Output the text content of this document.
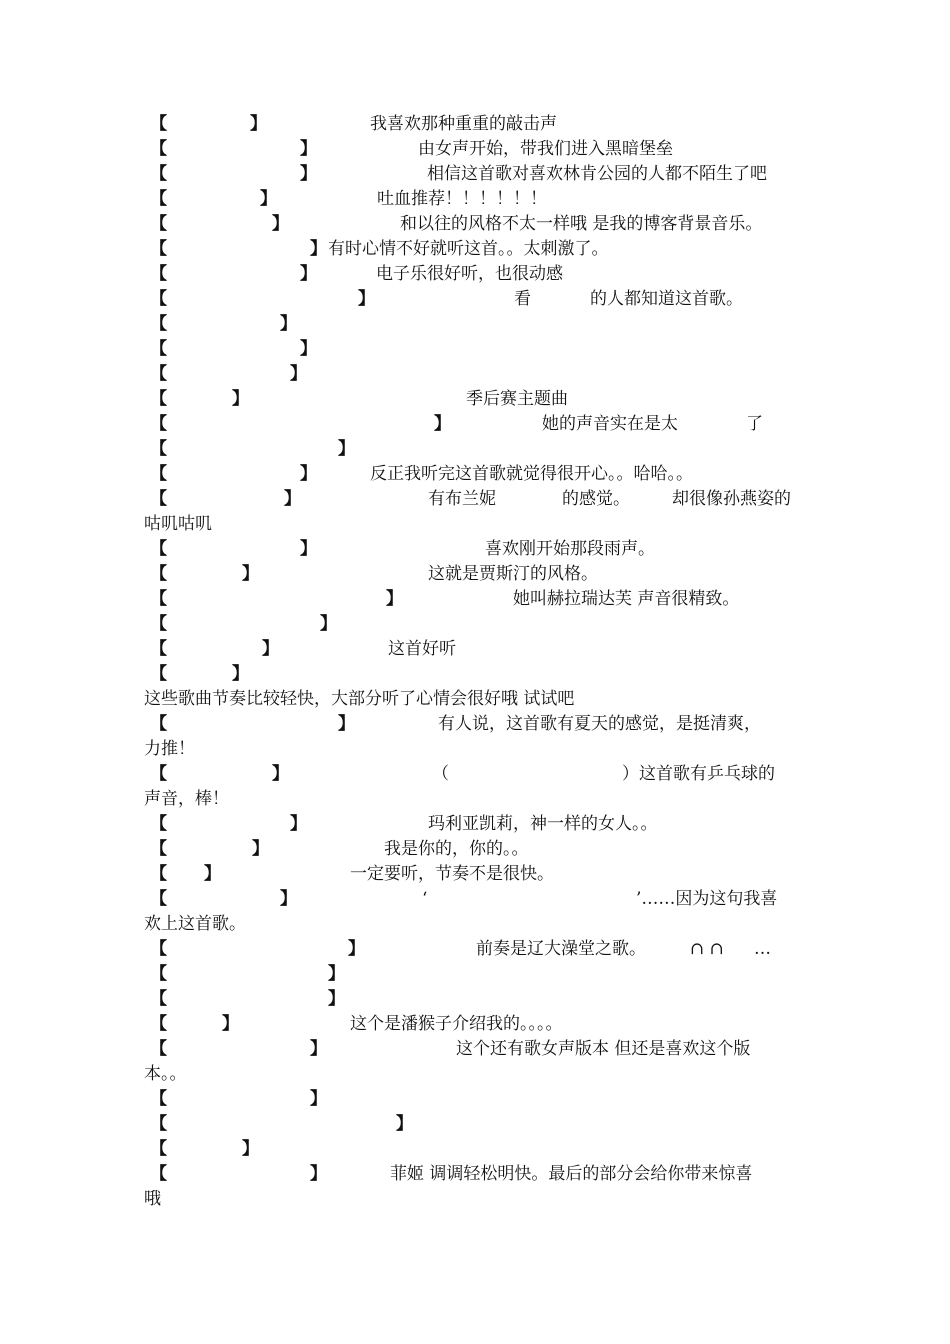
【	】	我喜欢那种重重的敲击声
【	】	由女声开始，带我们进入黑暗堡垒
【	】	相信这首歌对喜欢林肯公园的人都不陌生了吧
【	】	吐血推荐！！！！！！
【	】	和以往的风格不太一样哦 是我的博客背景音乐。
【	】 有时心情不好就听这首。。太刺激了。
【	】	电子乐很好听，也很动感
【	】	看	的人都知道这首歌。
【	】
【	】
【	】
【	】	季后赛主题曲
【	】	她的声音实在是太	了
【	】
【	】	反正我听完这首歌就觉得很开心。。哈哈。。
【	】	有布兰妮	的感觉。 却很像孙燕姿的
咕叽咕叽
【	】	喜欢刚开始那段雨声。
【	】	这就是贾斯汀的风格。
【	】	她叫赫拉瑞达芙 声音很精致。
【	】
【	】	这首好听
【	】
这些歌曲节奏比较轻快，大部分听了心情会很好哦 试试吧
【	】	有人说，这首歌有夏天的感觉，是挺清爽，
力推！
【	】	（	）这首歌有乒乓球的
声音，棒！
【	】	玛利亚凯莉，神一样的女人。。
【	】	我是你的，你的。。
【 】	一定要听，节奏不是很快。
【	】	‘	’……因为这句我喜
欢上这首歌。
【	】	前奏是辽大澡堂之歌。	∩ ∩ …
【	】
【	】
【	】	这个是潘猴子介绍我的。。。。
【	】	这个还有歌女声版本 但还是喜欢这个版
本。。
【	】
【	】
【	】
【	】	菲姬 调调轻松明快。最后的部分会给你带来惊喜
哦
